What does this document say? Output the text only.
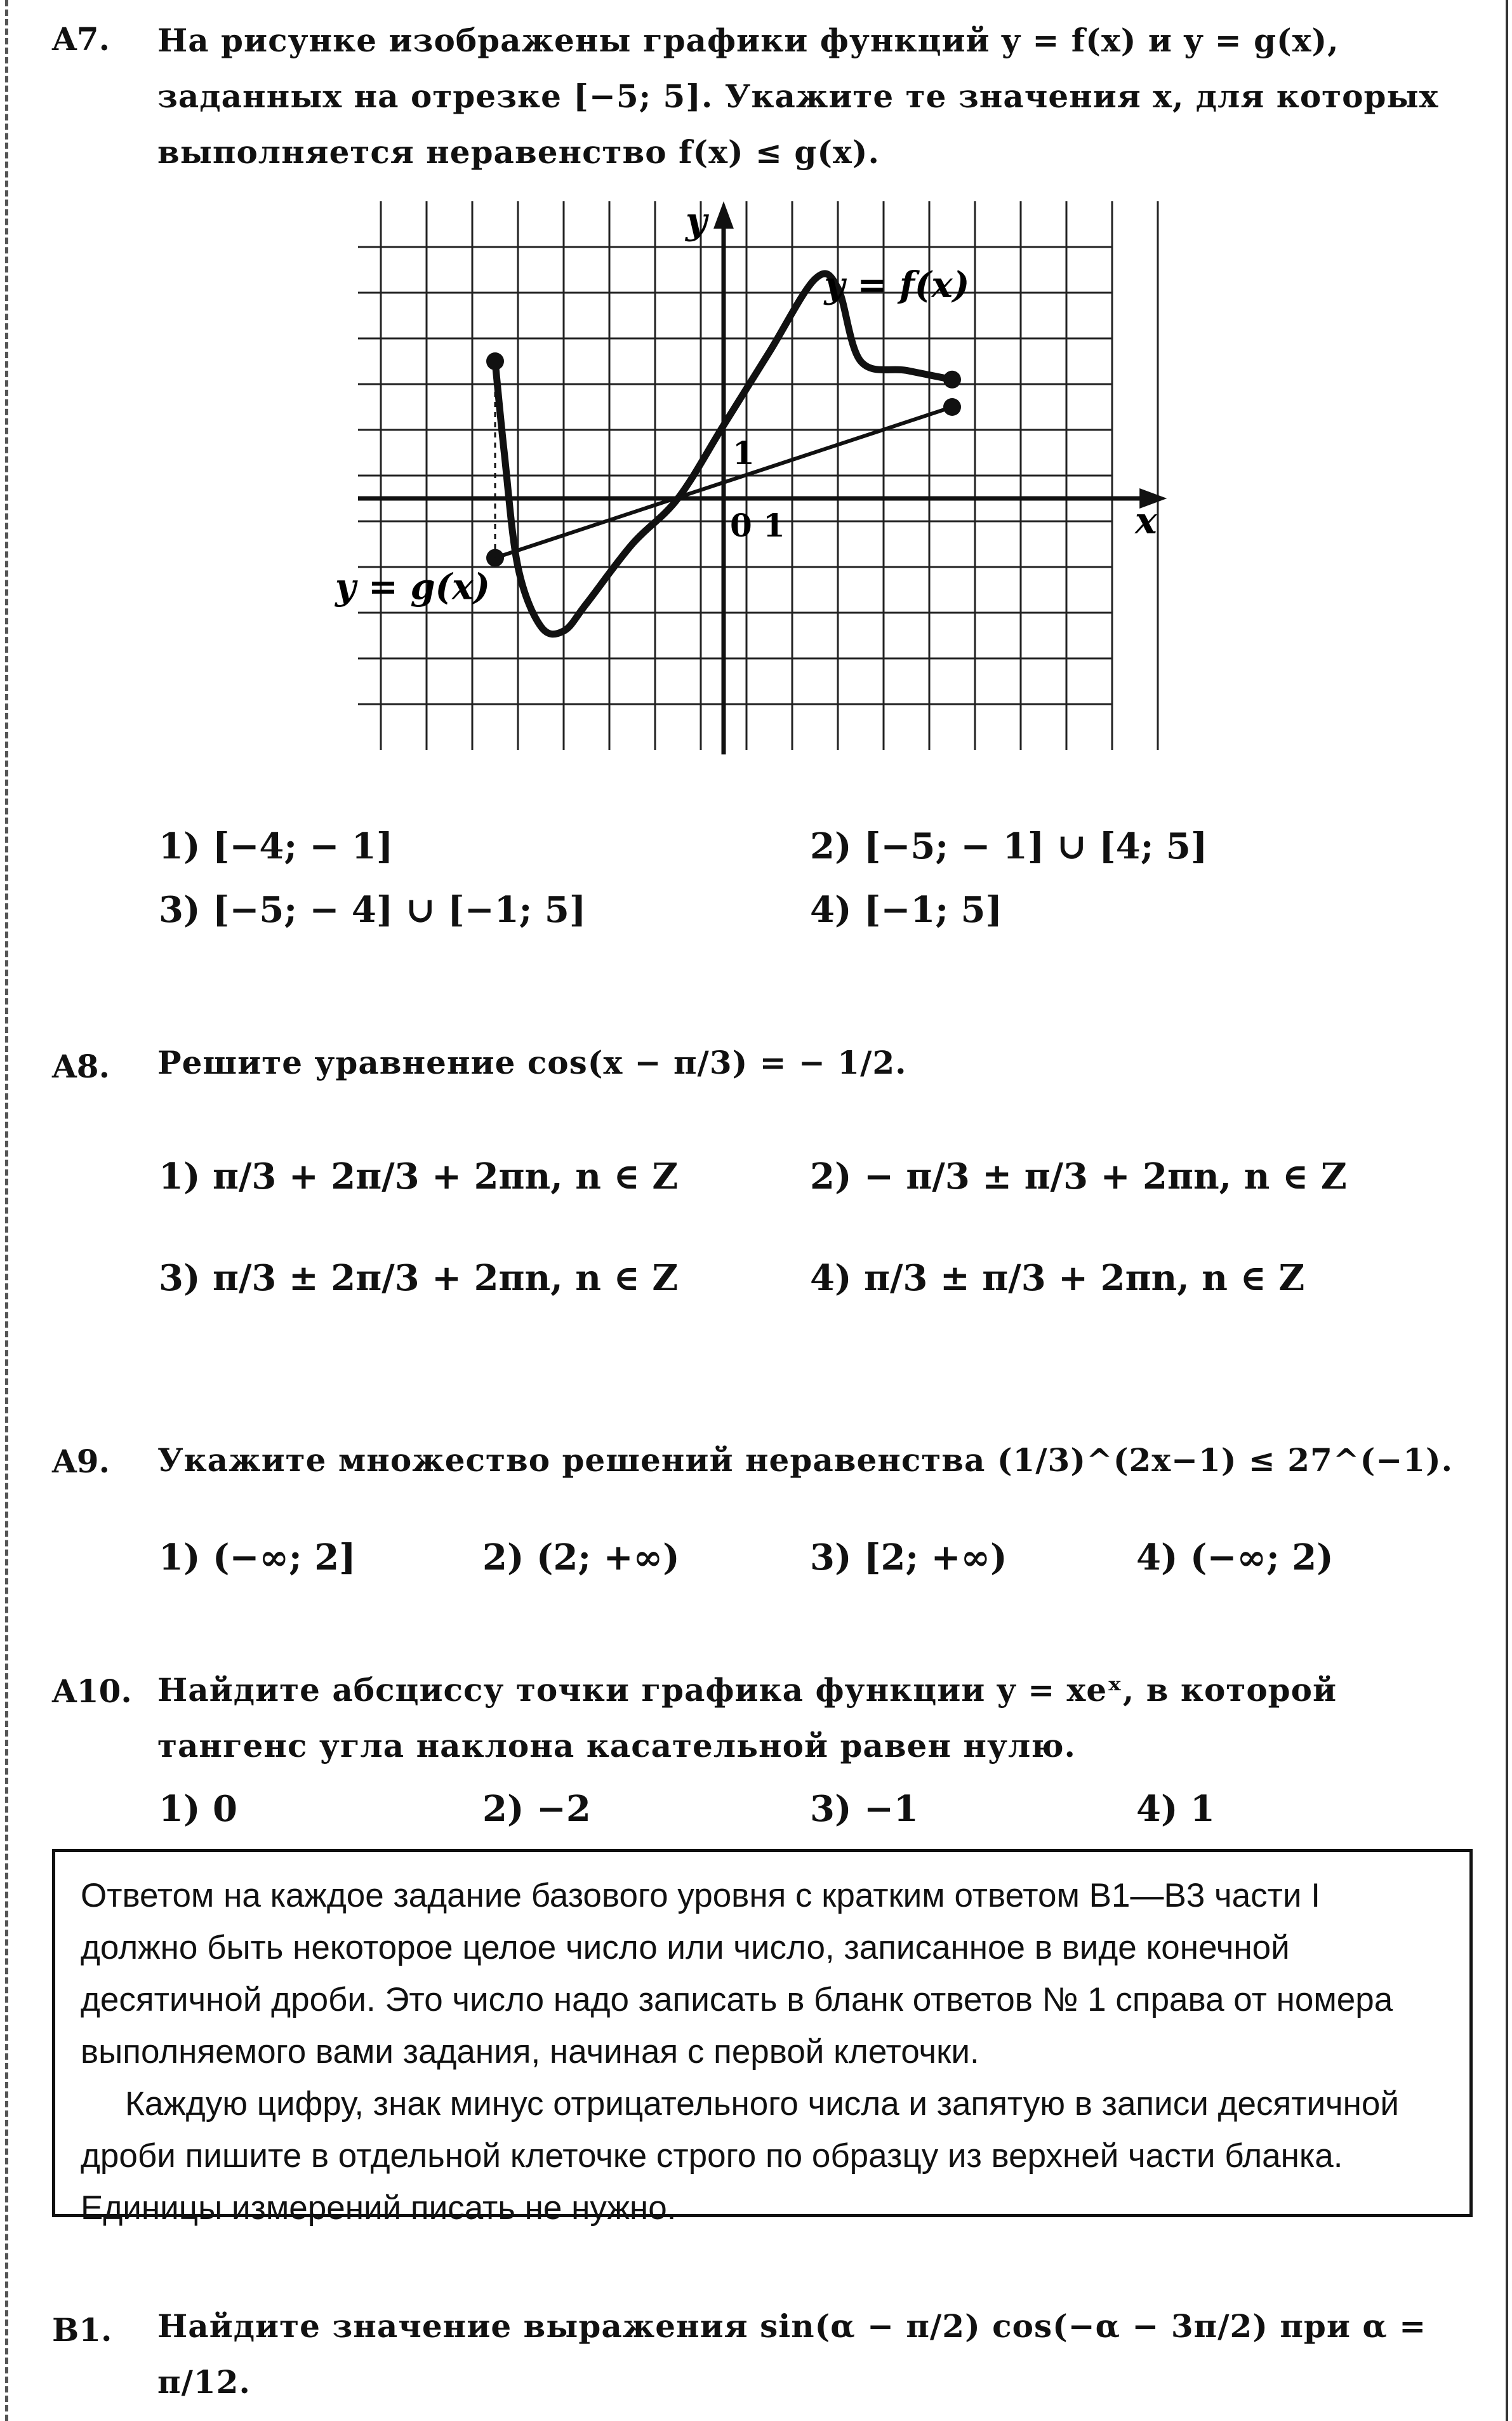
A7. На рисунке изображены графики функций y = f(x) и y = g(x), заданных на отрезке [−5; 5]. Укажите те значения x, для которых выполняется неравенство f(x) ≤ g(x).
x
y
0 1
1
y = f(x)
y = g(x)
1) [−4; − 1]	2) [−5; − 1] ∪ [4; 5]
3) [−5; − 4] ∪ [−1; 5]	4) [−1; 5]
A8. Решите уравнение cos(x − π/3) = − 1/2.
1) π/3 + 2π/3 + 2πn, n ∈ Z	2) − π/3 ± π/3 + 2πn, n ∈ Z
3) π/3 ± 2π/3 + 2πn, n ∈ Z	4) π/3 ± π/3 + 2πn, n ∈ Z
A9. Укажите множество решений неравенства (1/3)^(2x−1) ≤ 27^(−1).
1) (−∞; 2]	2) (2; +∞)	3) [2; +∞)	4) (−∞; 2)
A10. Найдите абсциссу точки графика функции y = xeˣ, в которой тангенс угла наклона касательной равен нулю.
1) 0	2) −2	3) −1	4) 1

Ответом на каждое задание базового уровня с кратким ответом B1—B3 части I должно быть некоторое целое число или число, записанное в виде конечной десятичной дроби. Это число надо записать в бланк ответов № 1 справа от номера выполняемого вами задания, начиная с первой клеточки.

Каждую цифру, знак минус отрицательного числа и запятую в записи десятичной дроби пишите в отдельной клеточке строго по образцу из верхней части бланка. Единицы измерений писать не нужно.

B1. Найдите значение выражения sin(α − π/2) cos(−α − 3π/2) при α = π/12.
